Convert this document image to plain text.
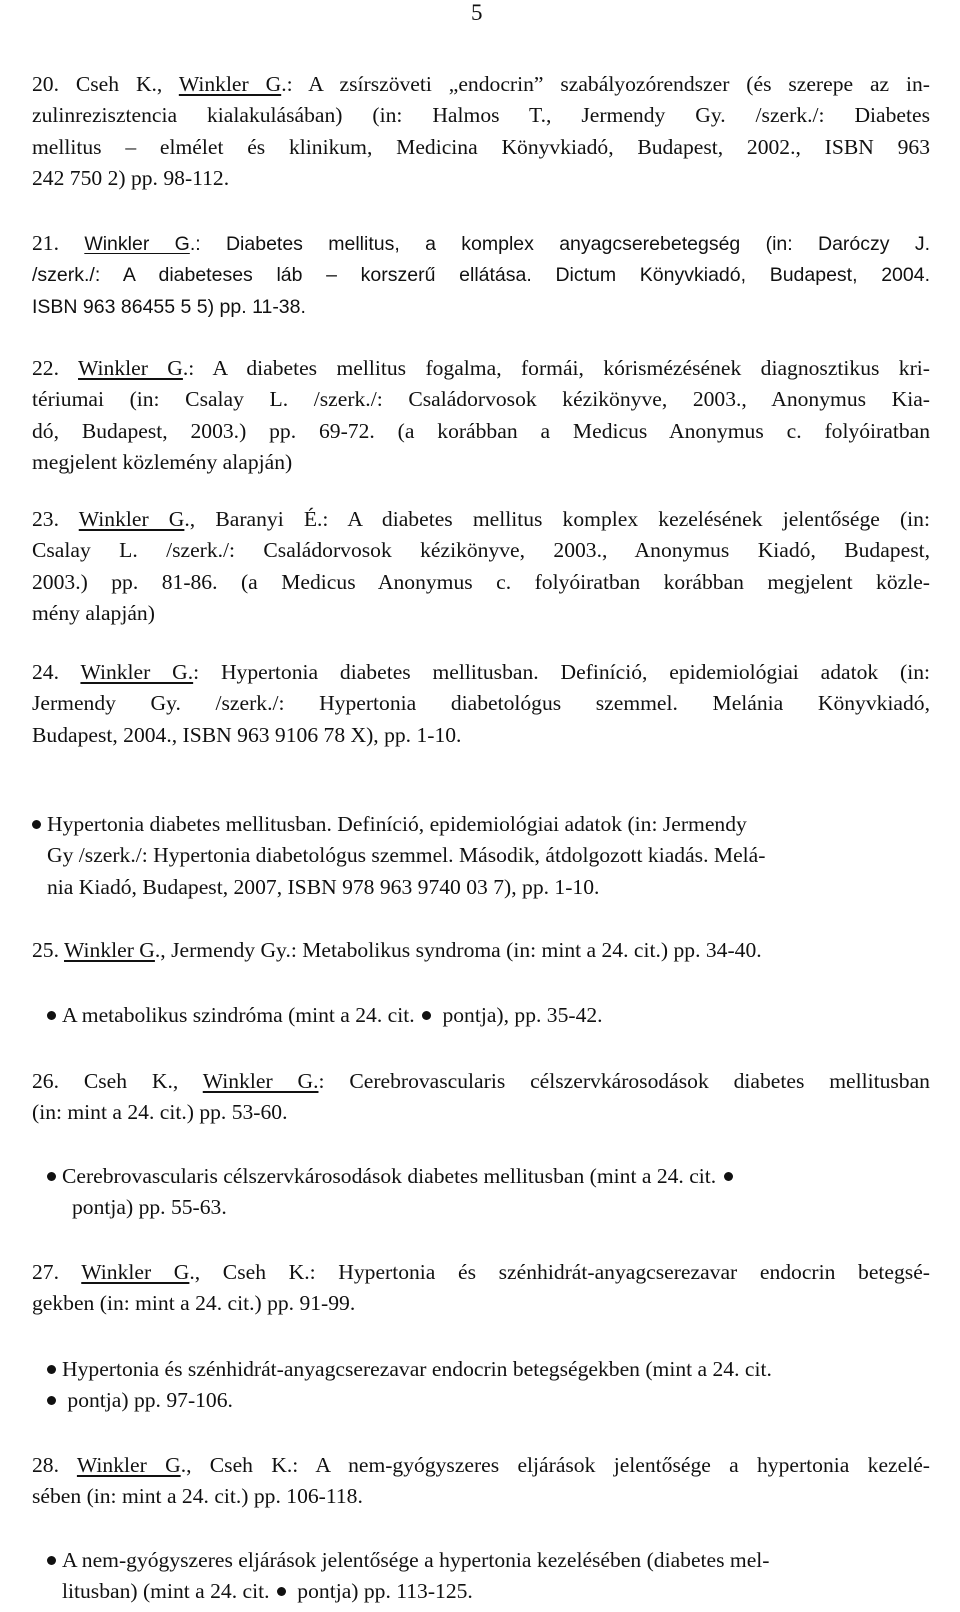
5
20. Cseh K., Winkler G.: A zsírszöveti „endocrin” szabályozórendszer (és szerepe az in-
zulinrezisztencia kialakulásában) (in: Halmos T., Jermendy Gy. /szerk./: Diabetes
mellitus – elmélet és klinikum, Medicina Könyvkiadó, Budapest, 2002., ISBN 963
242 750 2) pp. 98-112.
21. Winkler G.: Diabetes mellitus, a komplex anyagcserebetegség (in: Daróczy J.
/szerk./: A diabeteses láb – korszerű ellátása. Dictum Könyvkiadó, Budapest, 2004.
ISBN 963 86455 5 5) pp. 11-38.
22. Winkler G.: A diabetes mellitus fogalma, formái, kórismézésének diagnosztikus kri-
tériumai (in: Csalay L. /szerk./: Családorvosok kézikönyve, 2003., Anonymus Kia-
dó, Budapest, 2003.) pp. 69-72. (a korábban a Medicus Anonymus c. folyóiratban
megjelent közlemény alapján)
23. Winkler G., Baranyi É.: A diabetes mellitus komplex kezelésének jelentősége (in:
Csalay L. /szerk./: Családorvosok kézikönyve, 2003., Anonymus Kiadó, Budapest,
2003.) pp. 81-86. (a Medicus Anonymus c. folyóiratban korábban megjelent közle-
mény alapján)
24. Winkler G.: Hypertonia diabetes mellitusban. Definíció, epidemiológiai adatok (in:
Jermendy Gy. /szerk./: Hypertonia diabetológus szemmel. Melánia Könyvkiadó,
Budapest, 2004., ISBN 963 9106 78 X), pp. 1-10.
Hypertonia diabetes mellitusban. Definíció, epidemiológiai adatok (in: Jermendy
Gy /szerk./: Hypertonia diabetológus szemmel. Második, átdolgozott kiadás. Melá-
nia Kiadó, Budapest, 2007, ISBN 978 963 9740 03 7), pp. 1-10.
25. Winkler G., Jermendy Gy.: Metabolikus syndroma (in: mint a 24. cit.) pp. 34-40.
A metabolikus szindróma (mint a 24. cit.  pontja), pp. 35-42.
26. Cseh K., Winkler G.: Cerebrovascularis célszervkárosodások diabetes mellitusban
(in: mint a 24. cit.) pp. 53-60.
Cerebrovascularis célszervkárosodások diabetes mellitusban (mint a 24. cit.
pontja) pp. 55-63.
27. Winkler G., Cseh K.: Hypertonia és szénhidrát-anyagcserezavar endocrin betegsé-
gekben (in: mint a 24. cit.) pp. 91-99.
Hypertonia és szénhidrát-anyagcserezavar endocrin betegségekben (mint a 24. cit.
pontja) pp. 97-106.
28. Winkler G., Cseh K.: A nem-gyógyszeres eljárások jelentősége a hypertonia kezelé-
sében (in: mint a 24. cit.) pp. 106-118.
A nem-gyógyszeres eljárások jelentősége a hypertonia kezelésében (diabetes mel-
litusban) (mint a 24. cit.  pontja) pp. 113-125.
